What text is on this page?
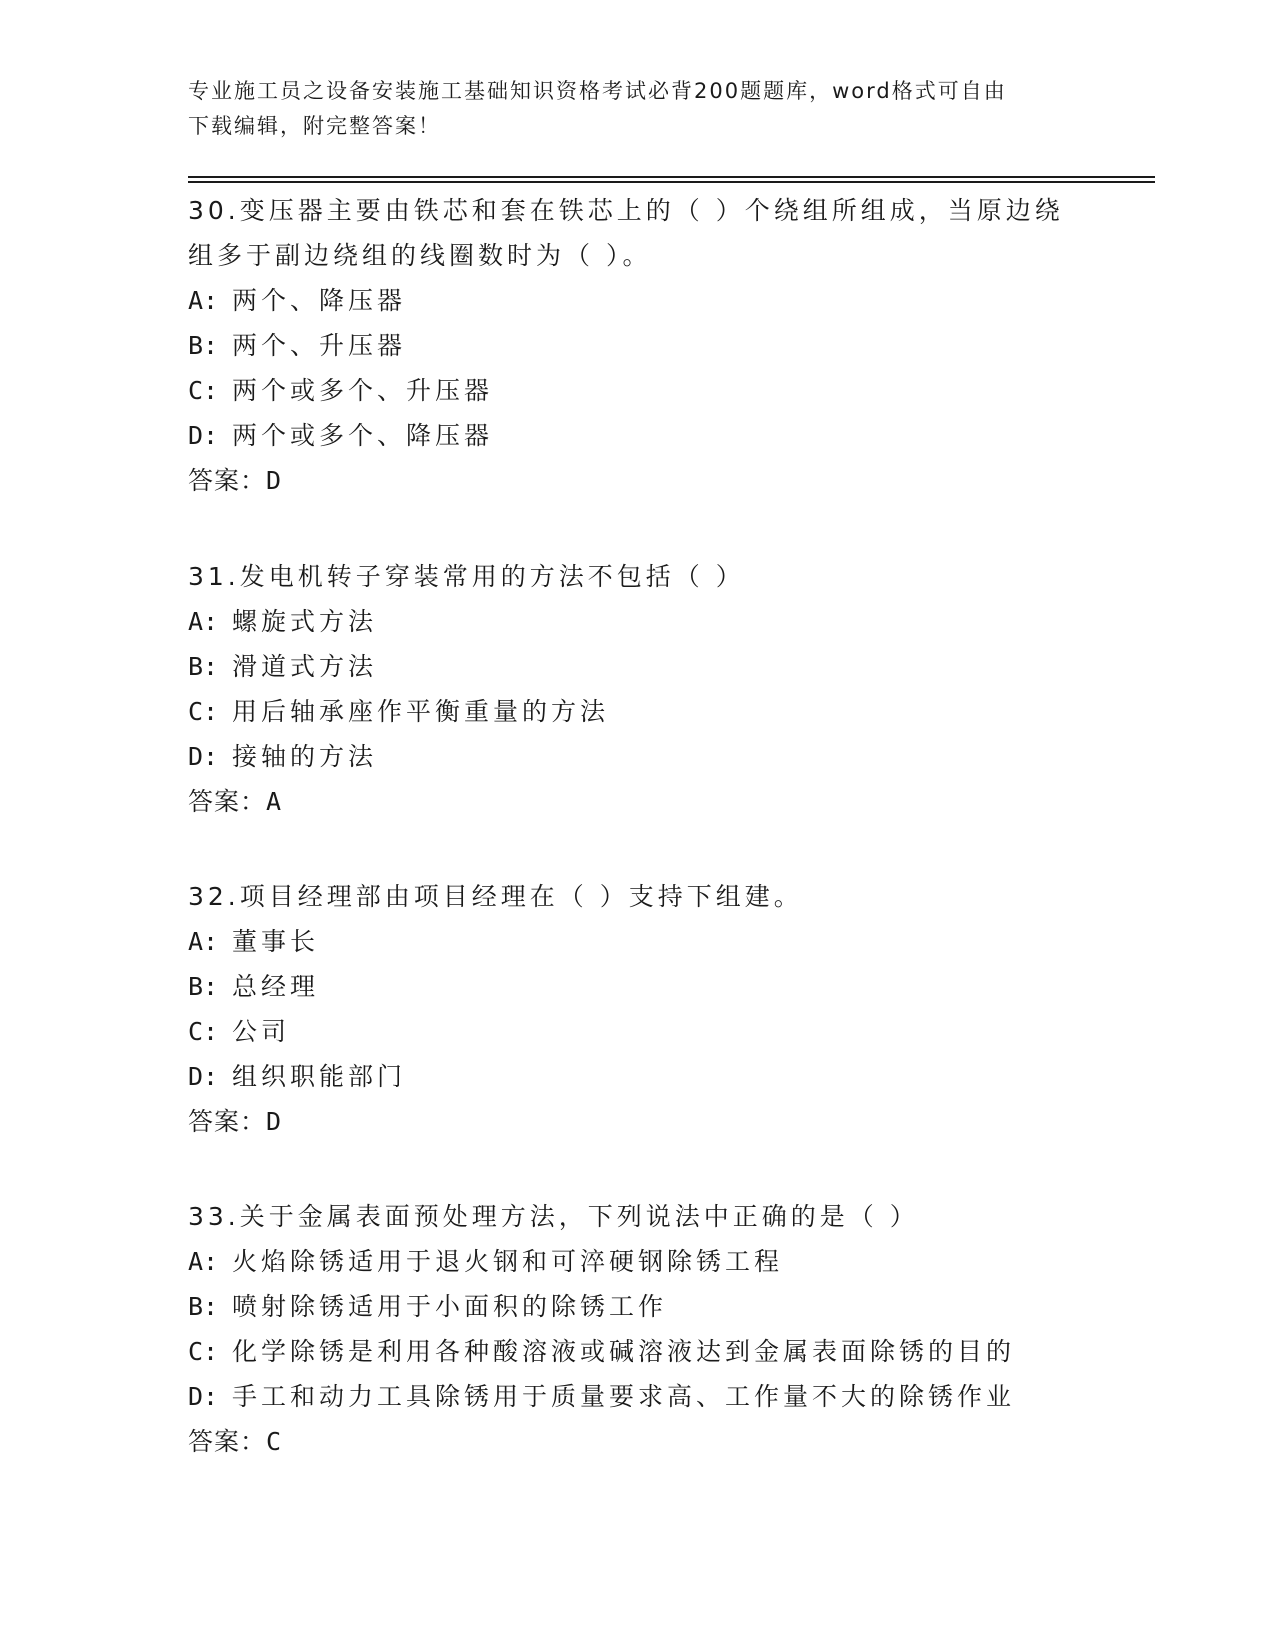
专业施工员之设备安装施工基础知识资格考试必背200题题库，word格式可自由
下载编辑，附完整答案！
30.变压器主要由铁芯和套在铁芯上的（ ）个绕组所组成，当原边绕
组多于副边绕组的线圈数时为（ ）。
A: 两个、降压器
B: 两个、升压器
C: 两个或多个、升压器
D: 两个或多个、降压器
答案：D
31.发电机转子穿装常用的方法不包括（ ）
A: 螺旋式方法
B: 滑道式方法
C: 用后轴承座作平衡重量的方法
D: 接轴的方法
答案：A
32.项目经理部由项目经理在（ ）支持下组建。
A: 董事长
B: 总经理
C: 公司
D: 组织职能部门
答案：D
33.关于金属表面预处理方法，下列说法中正确的是（ ）
A: 火焰除锈适用于退火钢和可淬硬钢除锈工程
B: 喷射除锈适用于小面积的除锈工作
C: 化学除锈是利用各种酸溶液或碱溶液达到金属表面除锈的目的
D: 手工和动力工具除锈用于质量要求高、工作量不大的除锈作业
答案：C
